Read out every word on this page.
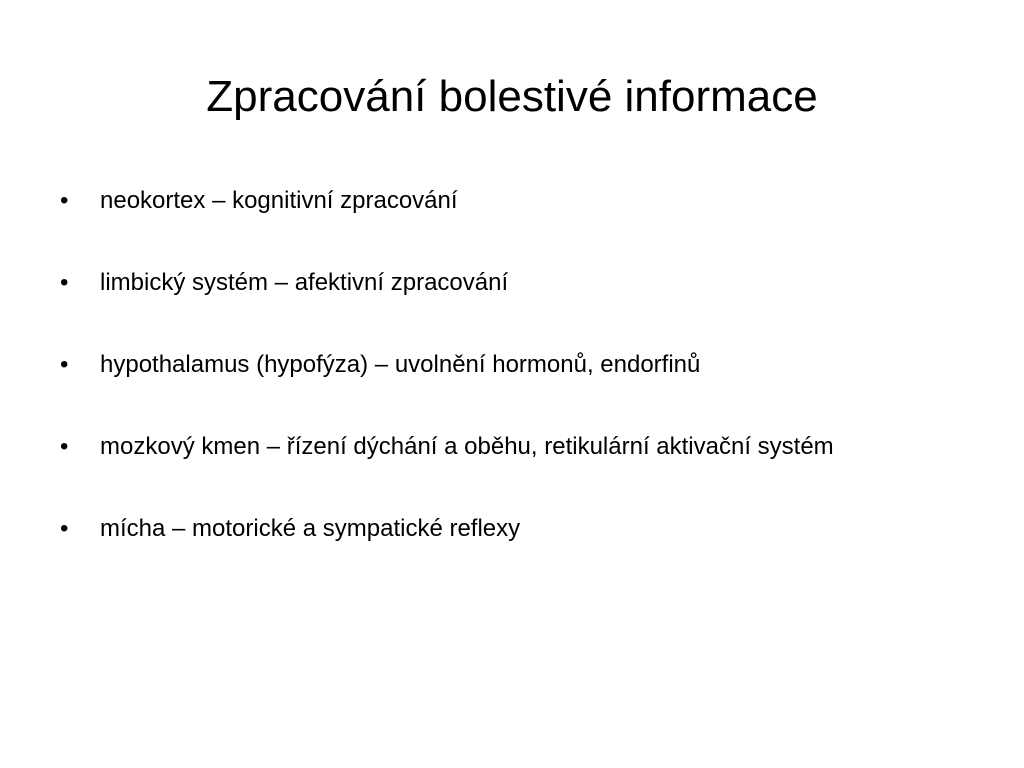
Zpracování bolestivé informace
•	neokortex – kognitivní zpracování
•	limbický systém – afektivní zpracování
•	hypothalamus (hypofýza) – uvolnění hormonů, endorfinů
•	mozkový kmen – řízení dýchání a oběhu, retikulární aktivační systém
•	mícha – motorické a sympatické reflexy
